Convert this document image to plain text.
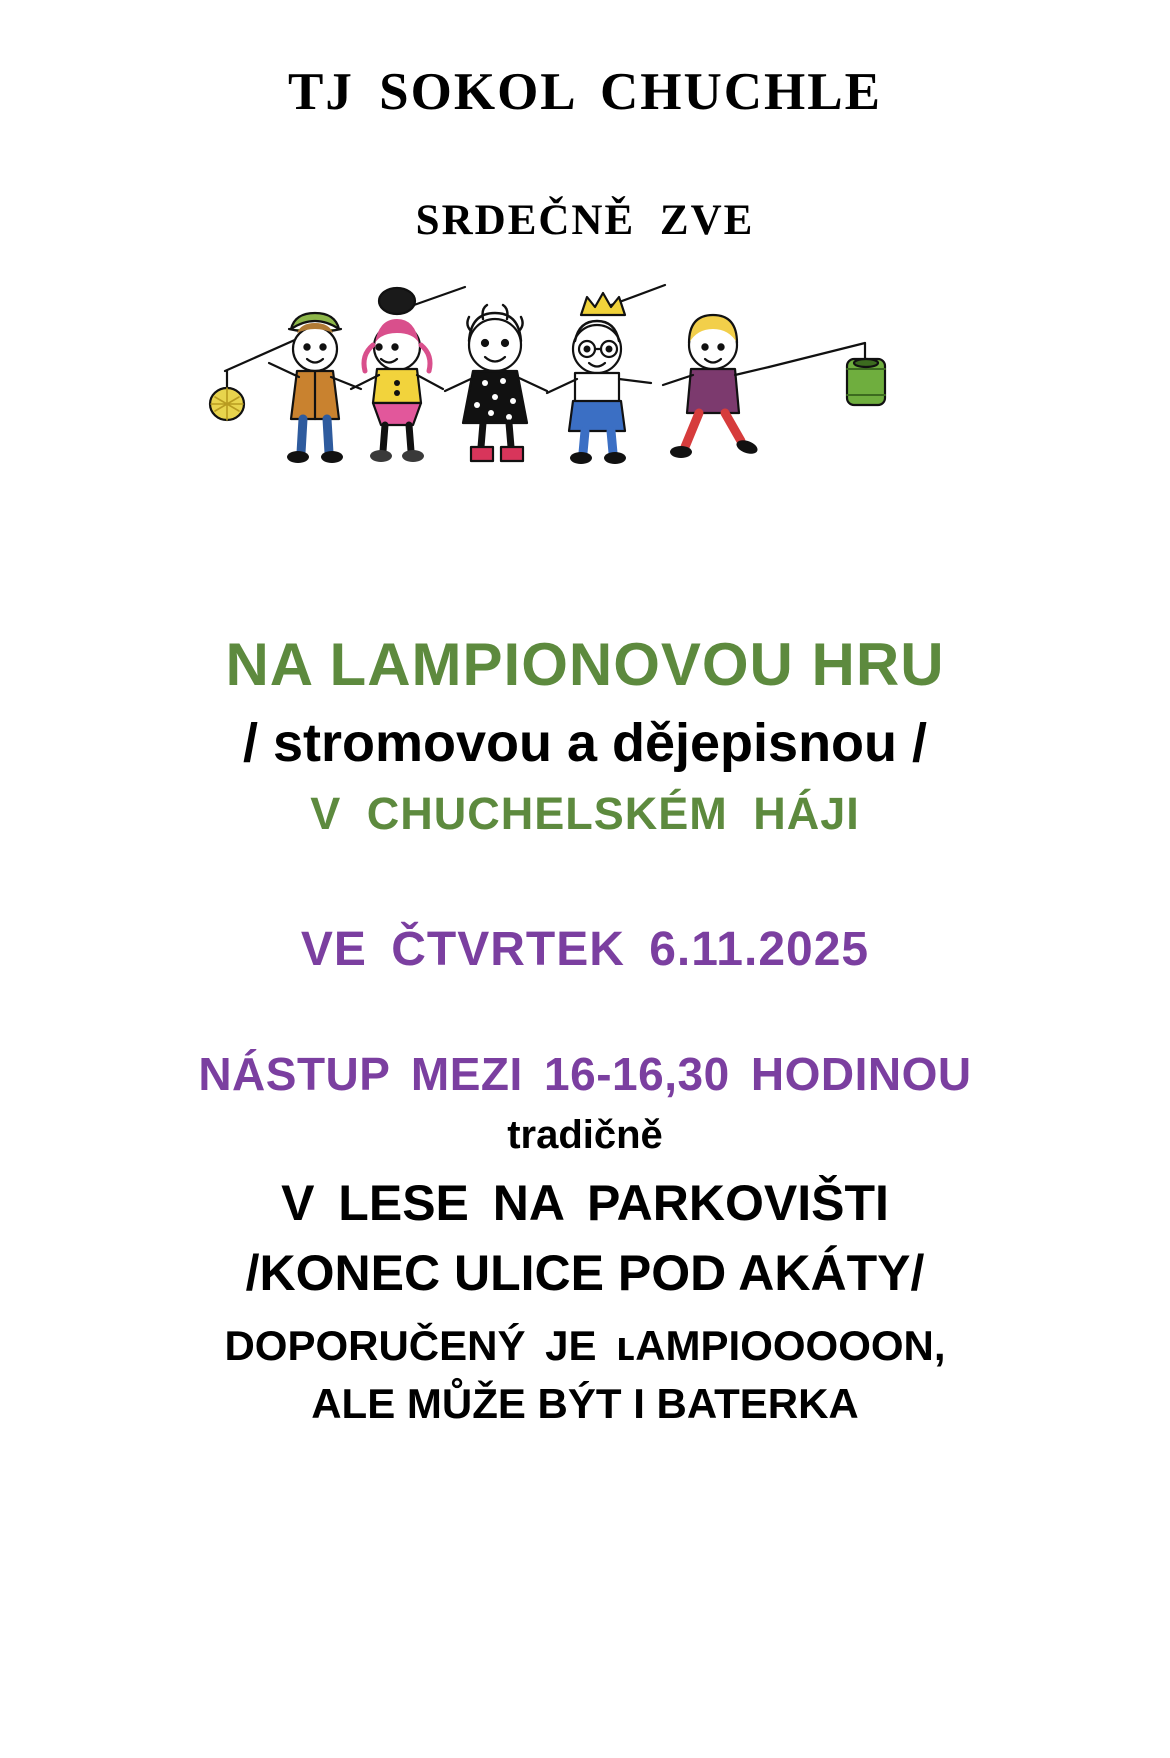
TJ SOKOL CHUCHLE
SRDEČNĚ ZVE
NA LAMPIONOVOU HRU
/ stromovou a dějepisnou /
V CHUCHELSKÉM HÁJI
VE ČTVRTEK 6.11.2025
NÁSTUP MEZI 16-16,30 HODINOU
tradičně
V LESE NA PARKOVIŠTI
/KONEC ULICE POD AKÁTY/
DOPORUČENÝ JE ʟAMPIOOOOON,
ALE MŮŽE BÝT I BATERKA
